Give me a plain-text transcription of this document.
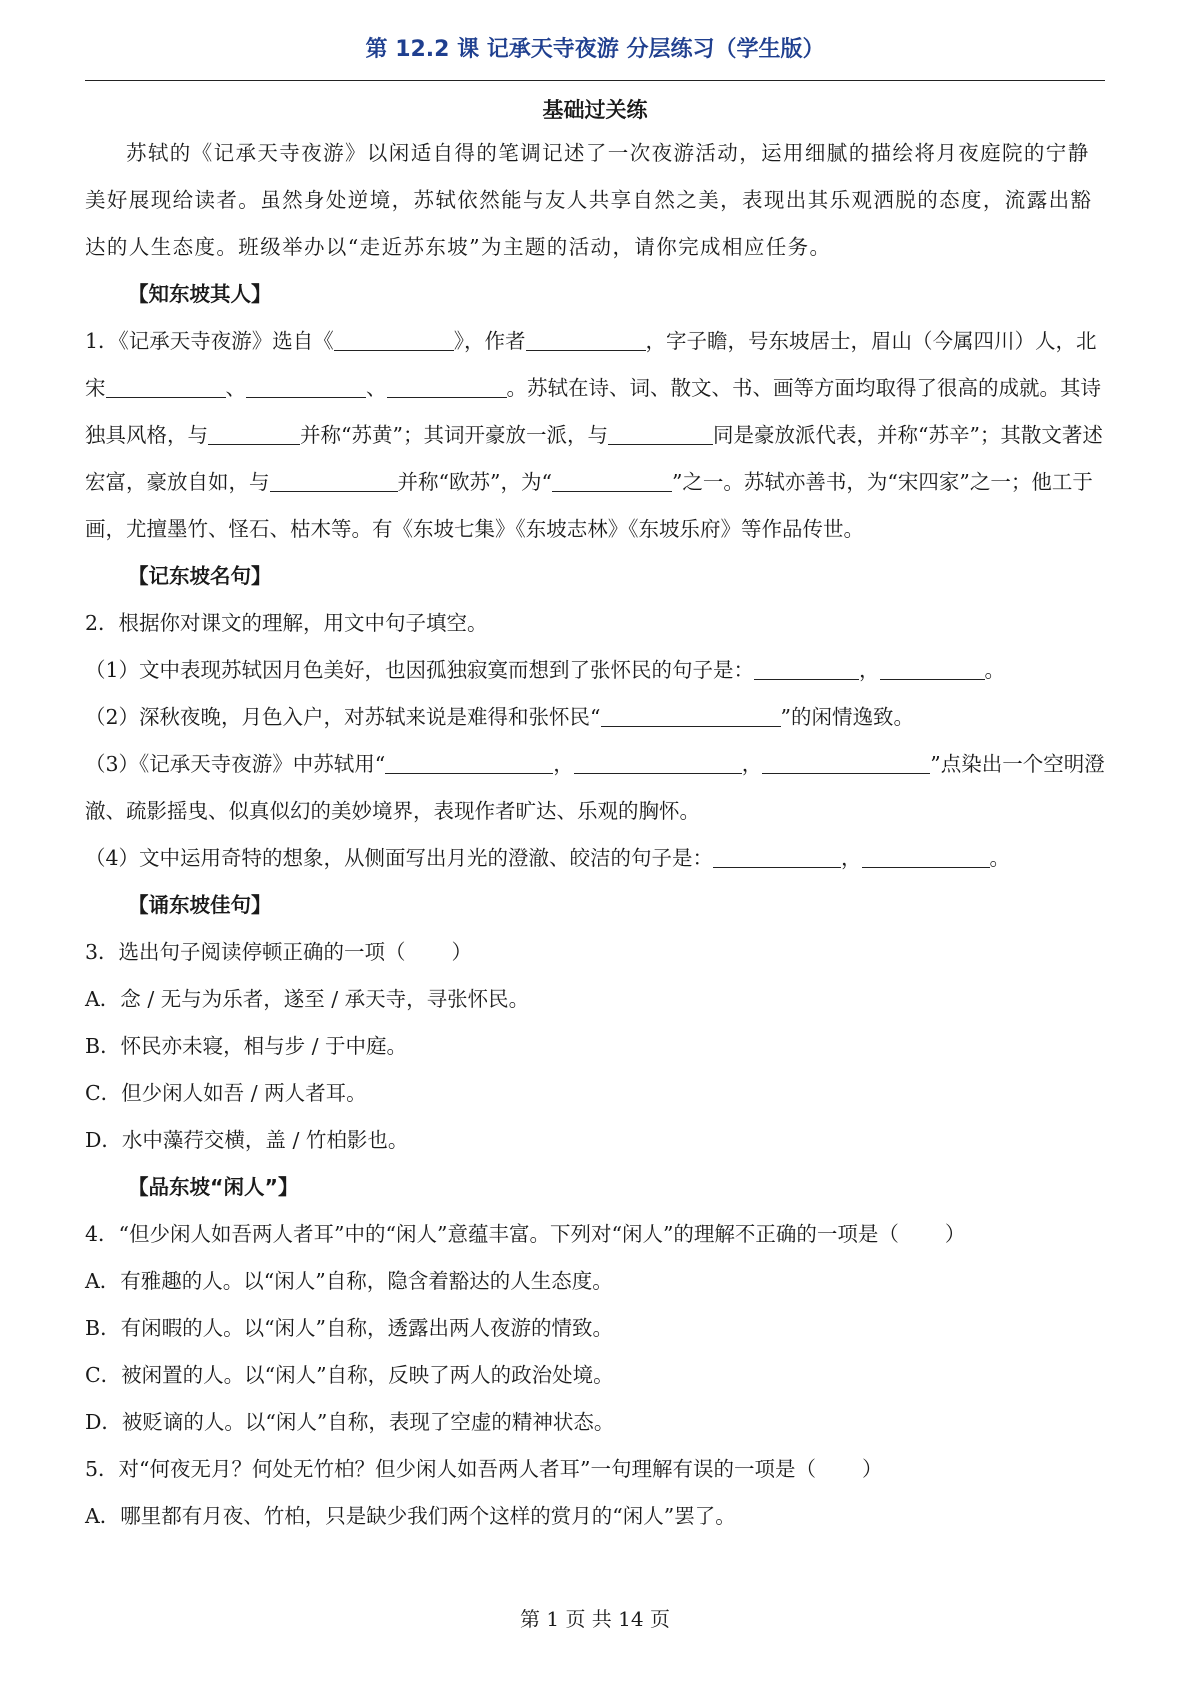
第 12.2 课 记承天寺夜游 分层练习（学生版）
基础过关练

苏轼的《记承天寺夜游》以闲适自得的笔调记述了一次夜游活动，运用细腻的描绘将月夜庭院的宁静美好展现给读者。虽然身处逆境，苏轼依然能与友人共享自然之美，表现出其乐观洒脱的态度，流露出豁达的人生态度。班级举办以“走近苏东坡”为主题的活动，请你完成相应任务。

【知东坡其人】

1．《记承天寺夜游》选自《	》，作者	，字子瞻，号东坡居士，眉山（今属四川）人，北宋	、	、	。苏轼在诗、词、散文、书、画等方面均取得了很高的成就。其诗独具风格，与	并称“苏黄”；其词开豪放一派，与	同是豪放派代表，并称“苏辛”；其散文著述宏富，豪放自如，与	并称“欧苏”，为“	”之一。苏轼亦善书，为“宋四家”之一；他工于画，尤擅墨竹、怪石、枯木等。有《东坡七集》《东坡志林》《东坡乐府》等作品传世。

【记东坡名句】

2．根据你对课文的理解，用文中句子填空。

（1）文中表现苏轼因月色美好，也因孤独寂寞而想到了张怀民的句子是：	，	。

（2）深秋夜晚，月色入户，对苏轼来说是难得和张怀民“	”的闲情逸致。

（3）《记承天寺夜游》中苏轼用“	，	，	”点染出一个空明澄澈、疏影摇曳、似真似幻的美妙境界，表现作者旷达、乐观的胸怀。

（4）文中运用奇特的想象，从侧面写出月光的澄澈、皎洁的句子是：	，	。

【诵东坡佳句】

3．选出句子阅读停顿正确的一项（ ）

A．念 / 无与为乐者，遂至 / 承天寺，寻张怀民。

B．怀民亦未寝，相与步 / 于中庭。

C．但少闲人如吾 / 两人者耳。

D．水中藻荇交横，盖 / 竹柏影也。

【品东坡“闲人”】

4．“但少闲人如吾两人者耳”中的“闲人”意蕴丰富。下列对“闲人”的理解不正确的一项是（ ）

A．有雅趣的人。以“闲人”自称，隐含着豁达的人生态度。

B．有闲暇的人。以“闲人”自称，透露出两人夜游的情致。

C．被闲置的人。以“闲人”自称，反映了两人的政治处境。

D．被贬谪的人。以“闲人”自称，表现了空虚的精神状态。

5．对“何夜无月？何处无竹柏？但少闲人如吾两人者耳”一句理解有误的一项是（ ）

A．哪里都有月夜、竹柏，只是缺少我们两个这样的赏月的“闲人”罢了。

第 1 页 共 14 页
